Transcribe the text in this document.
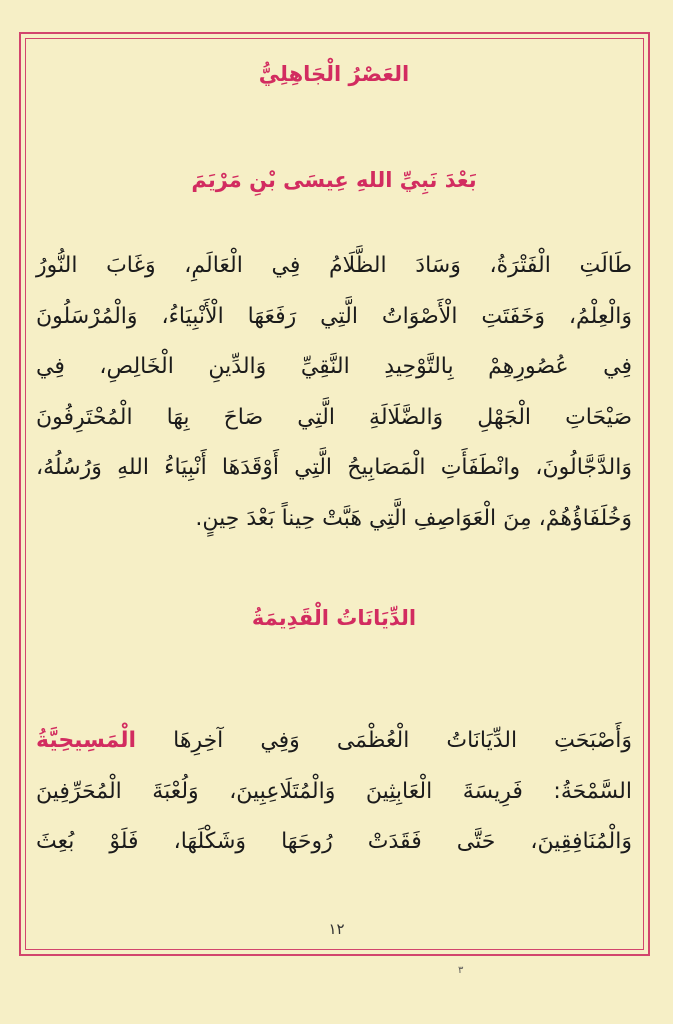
العَصْرُ الْجَاهِلِيُّ
بَعْدَ نَبِيِّ اللهِ عِيسَى بْنِ مَرْيَمَ

طَالَتِ الْفَتْرَةُ، وَسَادَ الظَّلَامُ فِي الْعَالَمِ، وَغَابَ النُّورُ
وَالْعِلْمُ، وَخَفَتَتِ الْأَصْوَاتُ الَّتِي رَفَعَهَا الْأَنْبِيَاءُ، وَالْمُرْسَلُونَ
فِي عُصُورِهِمْ بِالتَّوْحِيدِ النَّقِيِّ وَالدِّينِ الْخَالِصِ، فِي
صَيْحَاتِ الْجَهْلِ وَالضَّلَالَةِ الَّتِي صَاحَ بِهَا الْمُحْتَرِفُونَ
وَالدَّجَّالُونَ، وانْطَفَأَتِ الْمَصَابِيحُ الَّتِي أَوْقَدَهَا أَنْبِيَاءُ اللهِ وَرُسُلُهُ،
وَخُلَفَاؤُهُمْ، مِنَ الْعَوَاصِفِ الَّتِي هَبَّتْ حِيناً بَعْدَ حِينٍ.

الدِّيَانَاتُ الْقَدِيمَةُ

وَأَصْبَحَتِ الدِّيَانَاتُ الْعُظْمَى وَفِي آخِرِهَا الْمَسِيحِيَّةُ
السَّمْحَةُ: فَرِيسَةَ الْعَابِثِينَ وَالْمُتَلَاعِبِينَ، وَلُعْبَةَ الْمُحَرِّفِينَ
وَالْمُنَافِقِينَ، حَتَّى فَقَدَتْ رُوحَهَا وَشَكْلَهَا، فَلَوْ بُعِثَ

١٢
٣
